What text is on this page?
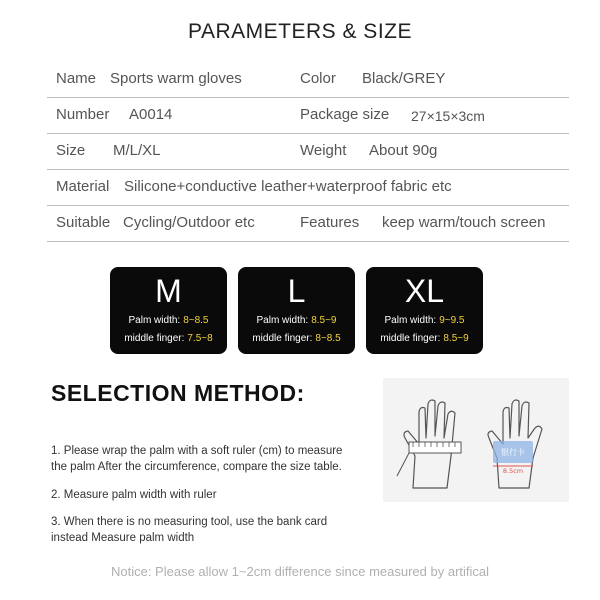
PARAMETERS & SIZE
Name Sports warm gloves	Color Black/GREY
Number A0014	Package size 27×15×3cm
Size M/L/XL	Weight About 90g
Material Silicone+conductive leather+waterproof fabric etc
Suitable Cycling/Outdoor etc	Features keep warm/touch screen
M
Palm width: 8~8.5
middle finger: 7.5~8
L
Palm width: 8.5~9
middle finger: 8~8.5
XL
Palm width: 9~9.5
middle finger: 8.5~9
SELECTION METHOD:
1. Please wrap the palm with a soft ruler (cm) to measure
the palm After the circumference, compare the size table.
2. Measure palm width with ruler
3. When there is no measuring tool, use the bank card
instead Measure palm width
银行卡
8.5cm
Notice: Please allow 1~2cm difference since measured by artifical
